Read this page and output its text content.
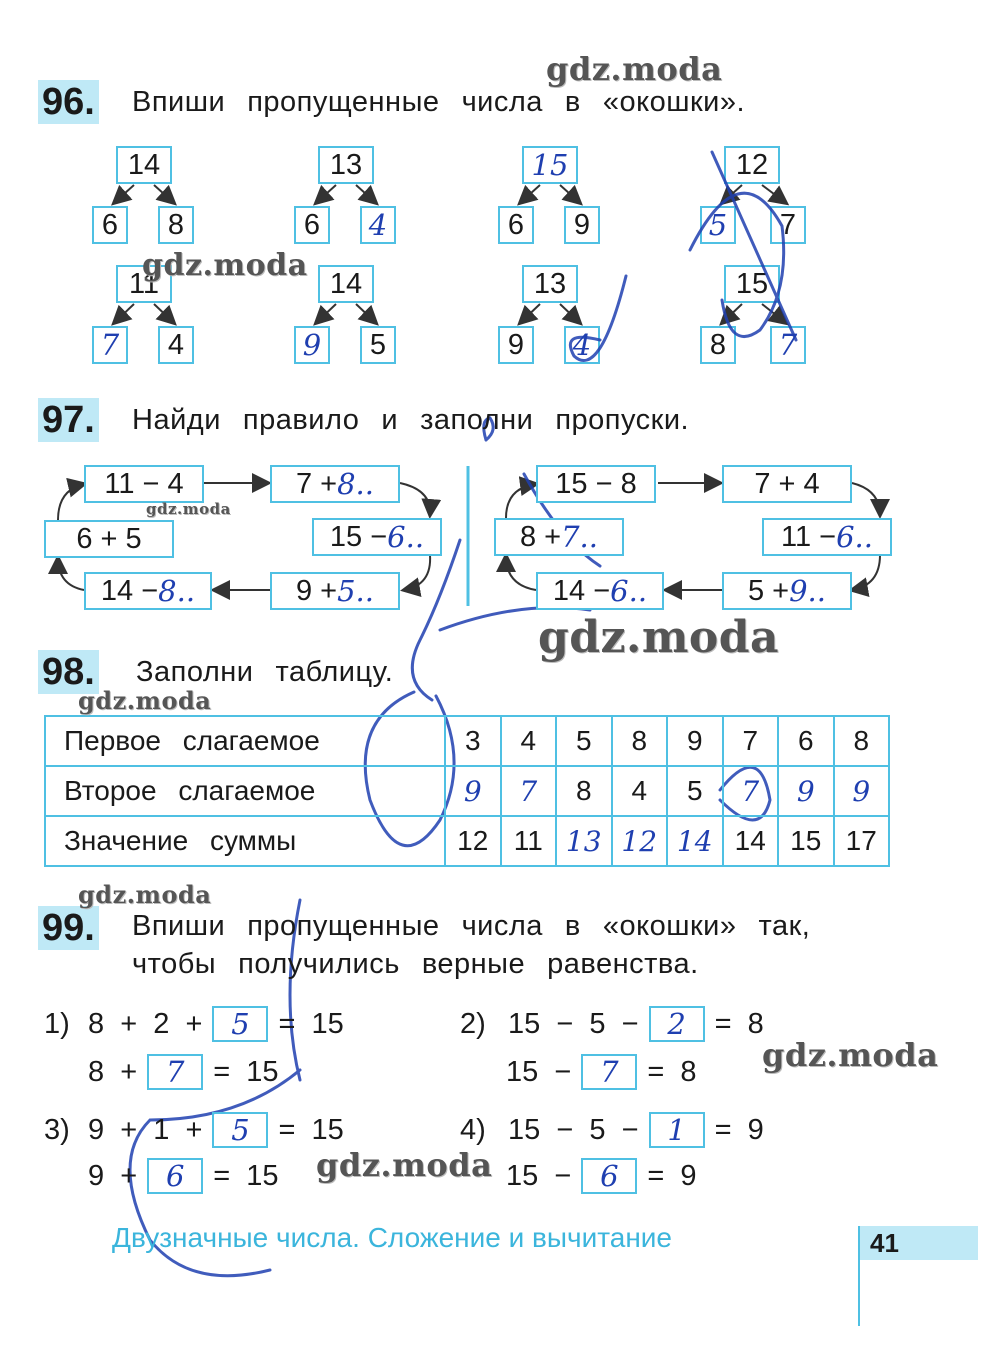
96. Впиши пропущенные числа в «окошки».
14
6	8
13
6	4
15
6	9
12
5	7
11
7	4
14
9	5
13
9	4
15
8	7
97. Найди правило и заполни пропуски.
11 − 4	7 + 8..
15 − 6..
9 + 5..
14 − 8..
6 + 5
15 − 8	7 + 4
11 − 6..
5 + 9..
14 − 6..
8 + 7..
98. Заполни таблицу.
Первое слагаемое	3	4	5	8	9	7	6	8
Второе слагаемое	9	7	8	4	5	7	9	9
Значение суммы	12	11	13	12	14	14	15	17
99. Впиши пропущенные числа в «окошки» так,
чтобы получились верные равенства.
1) 8  +  2  + 5 =  15
8  + 7 =  15
2) 15  −  5  − 2 =  8
15  − 7 =  8
3) 9  +  1  + 5 =  15
9  + 6 =  15
4) 15  −  5  − 1 =  9
15  − 6 =  9
Двузначные числа. Сложение и вычитание	41
gdz.moda
gdz.moda
gdz.moda
gdz.moda
gdz.moda
gdz.moda
gdz.moda
gdz.moda
